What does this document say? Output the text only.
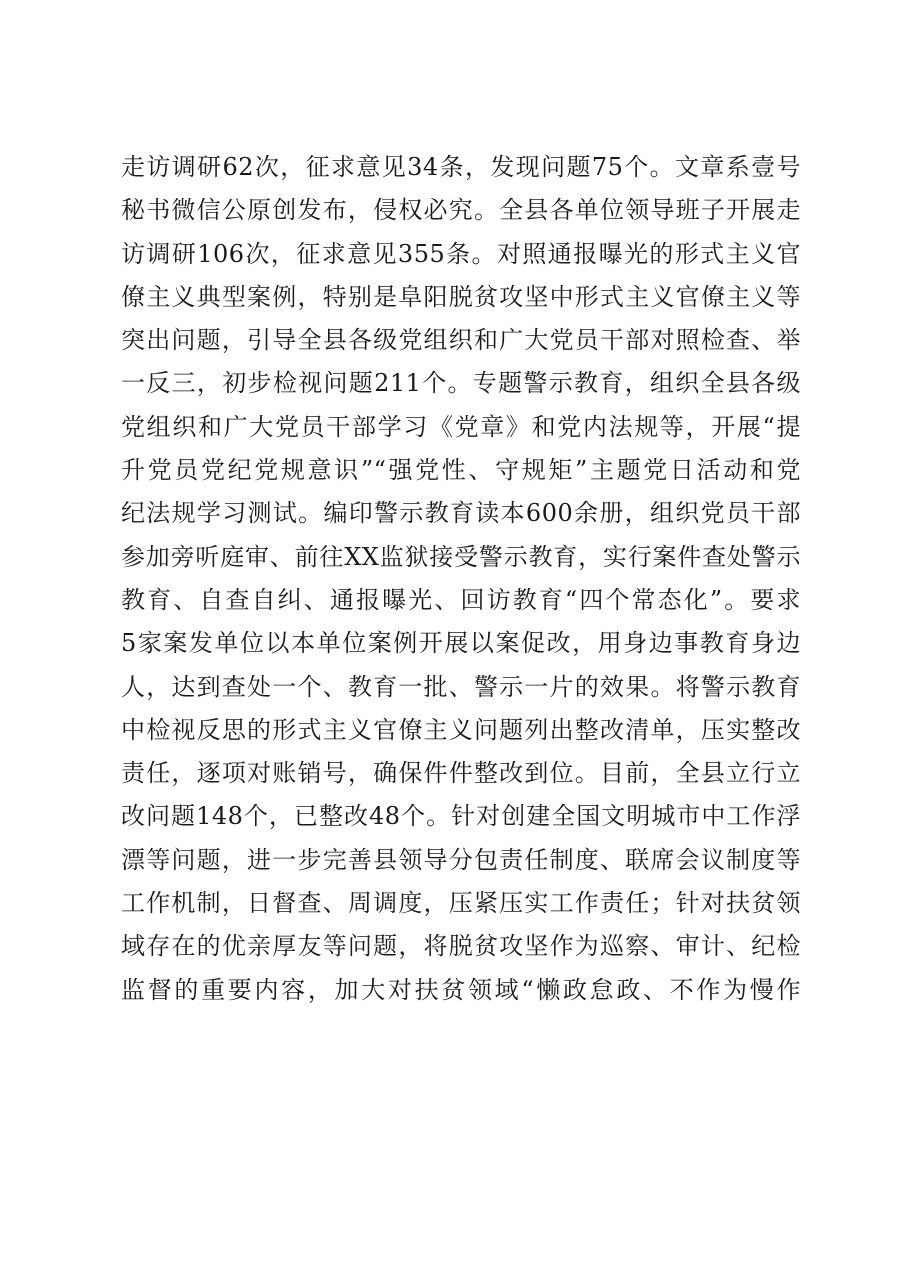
走访调研62次，征求意见34条，发现问题75个。文章系壹号
秘书微信公原创发布，侵权必究。全县各单位领导班子开展走
访调研106次，征求意见355条。对照通报曝光的形式主义官
僚主义典型案例，特别是阜阳脱贫攻坚中形式主义官僚主义等
突出问题，引导全县各级党组织和广大党员干部对照检查、举
一反三，初步检视问题211个。专题警示教育，组织全县各级
党组织和广大党员干部学习《党章》和党内法规等，开展“提
升党员党纪党规意识”“强党性、守规矩”主题党日活动和党
纪法规学习测试。编印警示教育读本600余册，组织党员干部
参加旁听庭审、前往XX监狱接受警示教育，实行案件查处警示
教育、自查自纠、通报曝光、回访教育“四个常态化”。要求
5家案发单位以本单位案例开展以案促改，用身边事教育身边
人，达到查处一个、教育一批、警示一片的效果。将警示教育
中检视反思的形式主义官僚主义问题列出整改清单，压实整改
责任，逐项对账销号，确保件件整改到位。目前，全县立行立
改问题148个，已整改48个。针对创建全国文明城市中工作浮
漂等问题，进一步完善县领导分包责任制度、联席会议制度等
工作机制，日督查、周调度，压紧压实工作责任；针对扶贫领
域存在的优亲厚友等问题，将脱贫攻坚作为巡察、审计、纪检
监督的重要内容，加大对扶贫领域“懒政怠政、不作为慢作
